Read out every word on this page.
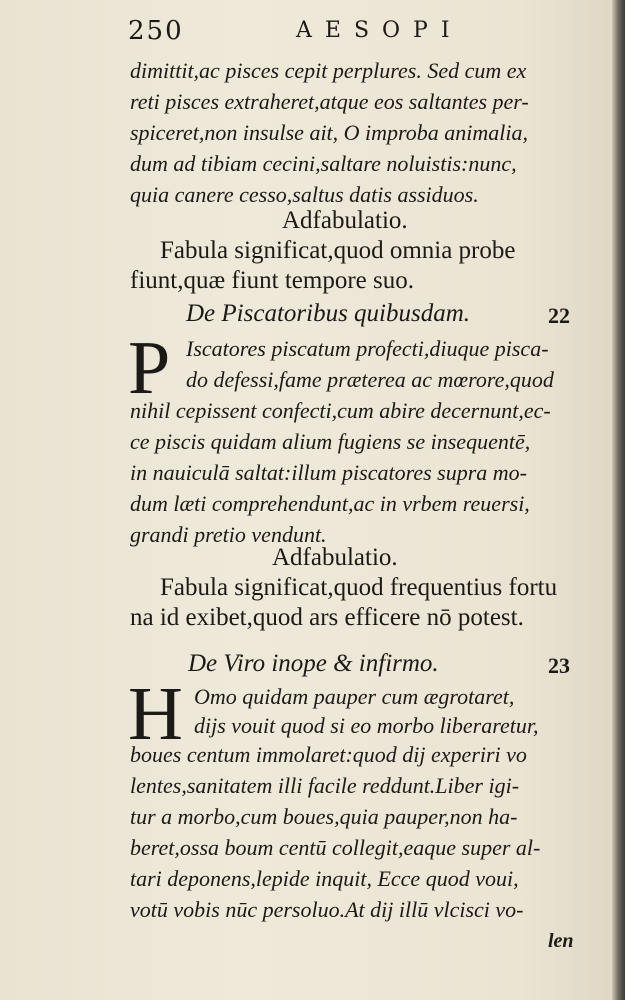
250	AESOPI
dimittit,ac pisces cepit perplures. Sed cum ex
reti pisces extraheret,atque eos saltantes per-
spiceret,non insulse ait, O improba animalia,
dum ad tibiam cecini,saltare noluistis:nunc,
quia canere cesso,saltus datis assiduos.
Adfabulatio.
Fabula significat,quod omnia probe
fiunt,quæ fiunt tempore suo.
De Piscatoribus quibusdam.	22
P Iscatores piscatum profecti,diuque pisca-
do defessi,fame præterea ac mœrore,quod
nihil cepissent confecti,cum abire decernunt,ec-
ce piscis quidam alium fugiens se insequentē,
in nauiculā saltat:illum piscatores supra mo-
dum læti comprehendunt,ac in vrbem reuersi,
grandi pretio vendunt.
Adfabulatio.
Fabula significat,quod frequentius fortu
na id exibet,quod ars efficere nō potest.
De Viro inope & infirmo.	23
H Omo quidam pauper cum ægrotaret,
dijs vouit quod si eo morbo liberaretur,
boues centum immolaret:quod dij experiri vo
lentes,sanitatem illi facile reddunt.Liber igi-
tur a morbo,cum boues,quia pauper,non ha-
beret,ossa boum centū collegit,eaque super al-
tari deponens,lepide inquit, Ecce quod voui,
votū vobis nūc persoluo.At dij illū vlcisci vo-
len
